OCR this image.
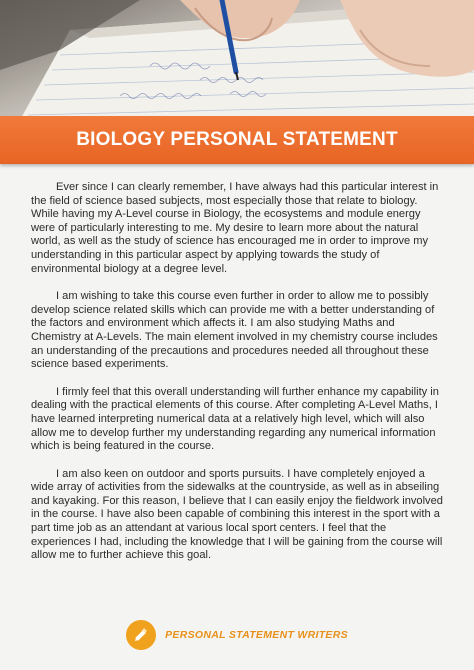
BIOLOGY PERSONAL STATEMENT

Ever since I can clearly remember, I have always had this particular interest in the field of science based subjects, most especially those that relate to biology. While having my A-Level course in Biology, the ecosystems and module energy were of particularly interesting to me. My desire to learn more about the natural world, as well as the study of science has encouraged me in order to improve my understanding in this particular aspect by applying towards the study of environmental biology at a degree level.

I am wishing to take this course even further in order to allow me to possibly develop science related skills which can provide me with a better understanding of the factors and environment which affects it. I am also studying Maths and Chemistry at A-Levels. The main element involved in my chemistry course includes an understanding of the precautions and procedures needed all throughout these science based experiments.

I firmly feel that this overall understanding will further enhance my capability in dealing with the practical elements of this course. After completing A-Level Maths, I have learned interpreting numerical data at a relatively high level, which will also allow me to develop further my understanding regarding any numerical information which is being featured in the course.

I am also keen on outdoor and sports pursuits. I have completely enjoyed a wide array of activities from the sidewalks at the countryside, as well as in abseiling and kayaking. For this reason, I believe that I can easily enjoy the fieldwork involved in the course. I have also been capable of combining this interest in the sport with a part time job as an attendant at various local sport centers. I feel that the experiences I had, including the knowledge that I will be gaining from the course will allow me to further achieve this goal.

PERSONAL STATEMENT WRITERS
